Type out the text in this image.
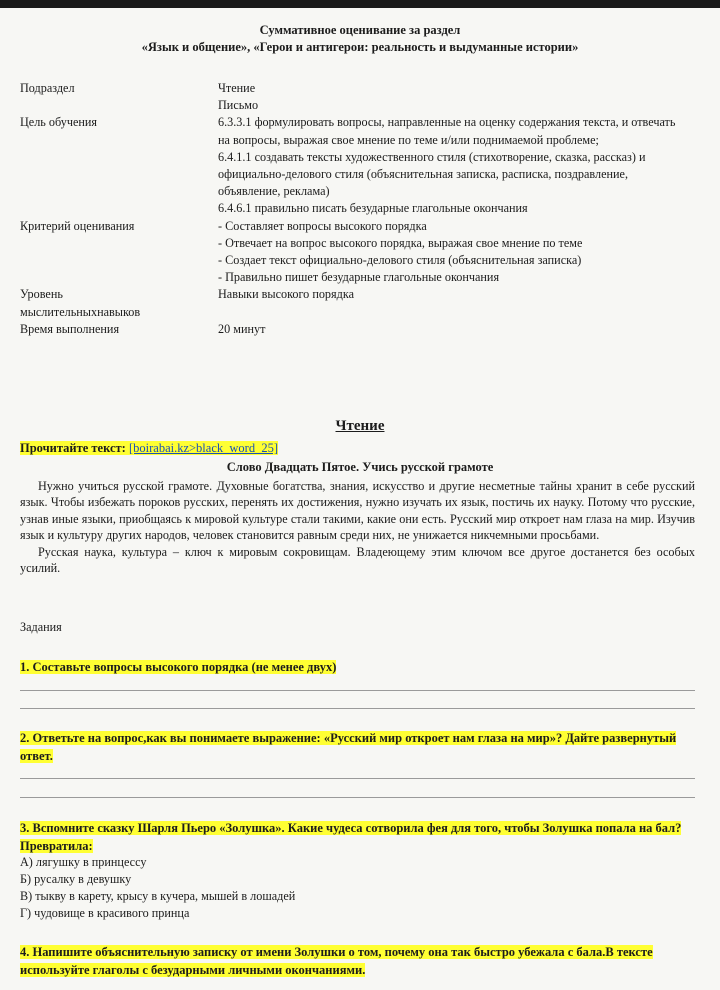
Суммативное оценивание за раздел
«Язык и общение», «Герои и антигерои: реальность и выдуманные истории»
Подраздел	Чтение
Письмо

Цель обучения	6.3.3.1 формулировать вопросы, направленные на оценку содержания текста, и отвечать на вопросы, выражая свое мнение по теме и/или поднимаемой проблеме;
6.4.1.1 создавать тексты художественного стиля (стихотворение, сказка, рассказ) и официально-делового стиля (объяснительная записка, расписка, поздравление, объявление, реклама)
6.4.6.1 правильно писать безударные глагольные окончания

Критерий оценивания	- Составляет вопросы высокого порядка
- Отвечает на вопрос высокого порядка, выражая свое мнение по теме
- Создает текст официально-делового стиля (объяснительная записка)
- Правильно пишет безударные глагольные окончания

Уровень
мыслительныхнавыков	Навыки высокого порядка
Время выполнения	20 минут
Чтение
Прочитайте текст: [boirabai.kz>black_word_25]
Слово Двадцать Пятое. Учись русской грамоте

Нужно учиться русской грамоте. Духовные богатства, знания, искусство и другие несметные тайны хранит в себе русский язык. Чтобы избежать пороков русских, перенять их достижения, нужно изучать их язык, постичь их науку. Потому что русские, узнав иные языки, приобщаясь к мировой культуре стали такими, какие они есть. Русский мир откроет нам глаза на мир. Изучив язык и культуру других народов, человек становится равным среди них, не унижается никчемными просьбами.

Русская наука, культура – ключ к мировым сокровищам. Владеющему этим ключом все другое достанется без особых усилий.

Задания
1. Составьте вопросы высокого порядка (не менее двух)
2. Ответьте на вопрос,как вы понимаете выражение: «Русский мир откроет нам глаза на мир»? Дайте развернутый ответ.
3. Вспомните сказку Шарля Пьеро «Золушка». Какие чудеса сотворила фея для того, чтобы Золушка попала на бал?Превратила:
А) лягушку в принцессу
Б) русалку в девушку
В) тыкву в карету, крысу в кучера, мышей в лошадей
Г) чудовище в красивого принца
4. Напишите объяснительную записку от имени Золушки о том, почему она так быстро убежала с бала.В тексте используйте глаголы с безударными личными окончаниями.
